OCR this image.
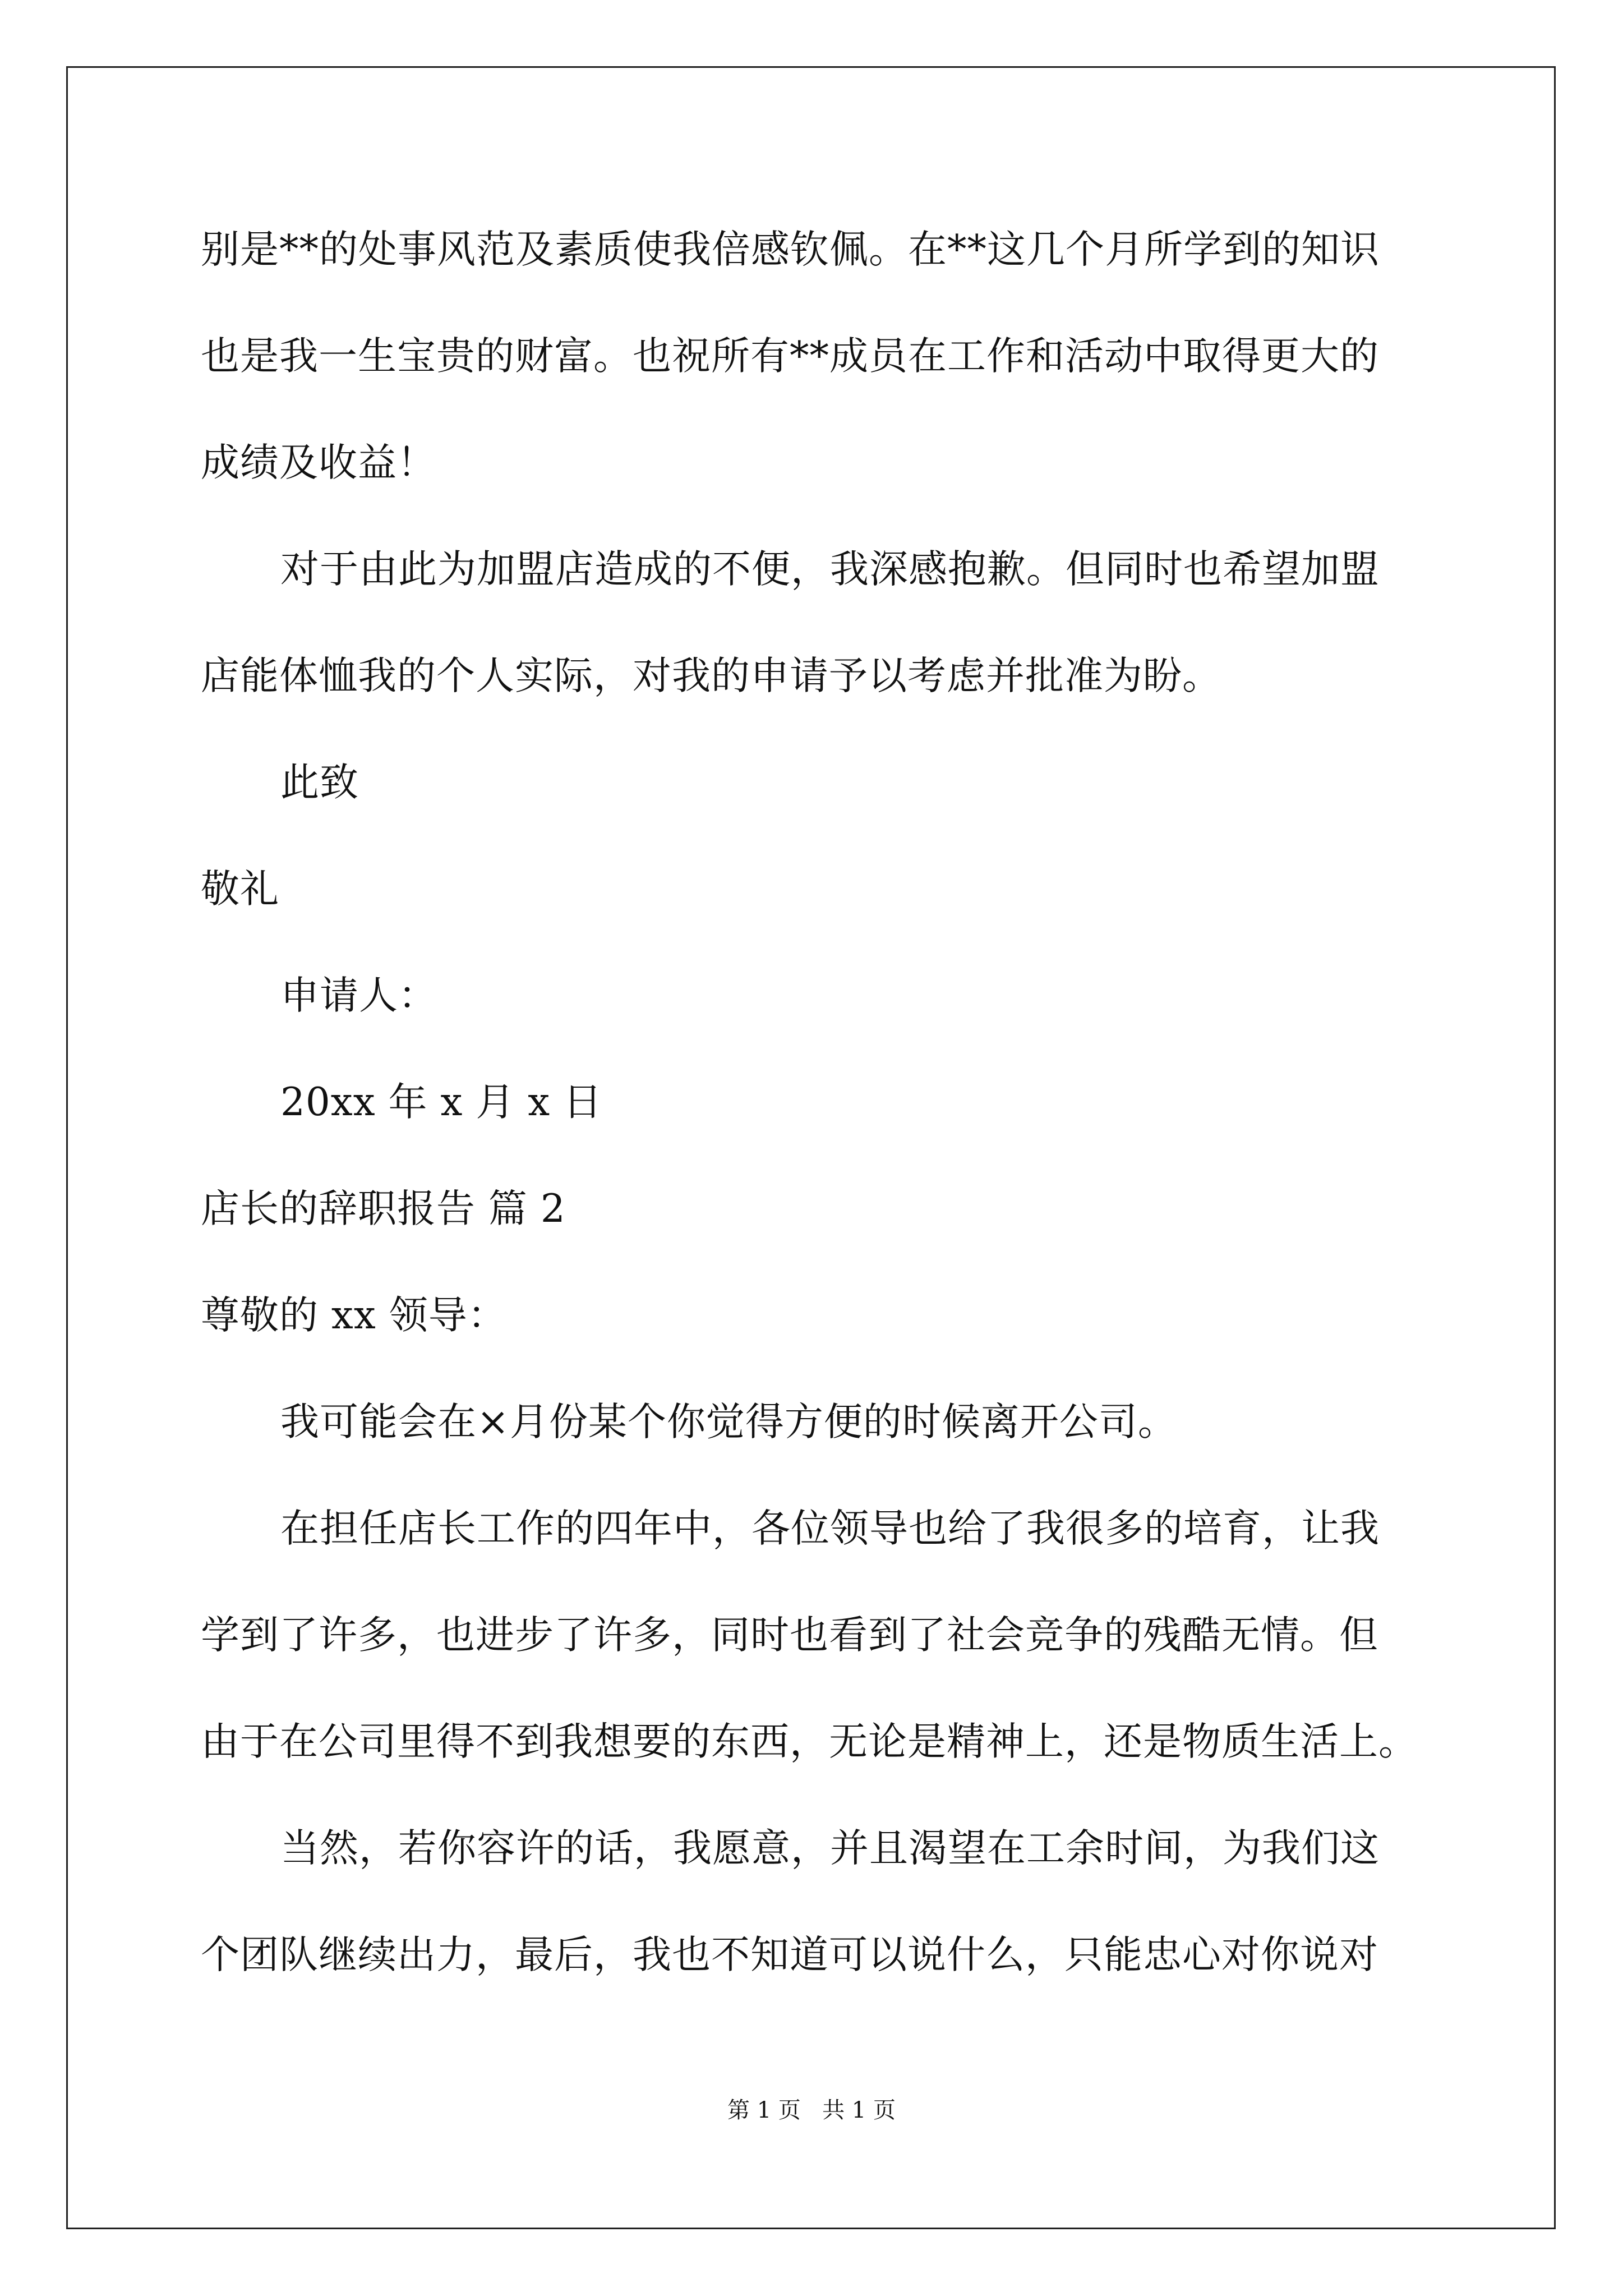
别是**的处事风范及素质使我倍感钦佩。在**这几个月所学到的知识
也是我一生宝贵的财富。也祝所有**成员在工作和活动中取得更大的
成绩及收益！
对于由此为加盟店造成的不便，我深感抱歉。但同时也希望加盟
店能体恤我的个人实际，对我的申请予以考虑并批准为盼。
此致
敬礼
申请人：
20xx 年 x 月 x 日
店长的辞职报告 篇 2
尊敬的 xx 领导：
我可能会在×月份某个你觉得方便的时候离开公司。
在担任店长工作的四年中，各位领导也给了我很多的培育，让我
学到了许多，也进步了许多，同时也看到了社会竞争的残酷无情。但
由于在公司里得不到我想要的东西，无论是精神上，还是物质生活上。
当然，若你容许的话，我愿意，并且渴望在工余时间，为我们这
个团队继续出力，最后，我也不知道可以说什么，只能忠心对你说对
第 1 页   共 1 页
